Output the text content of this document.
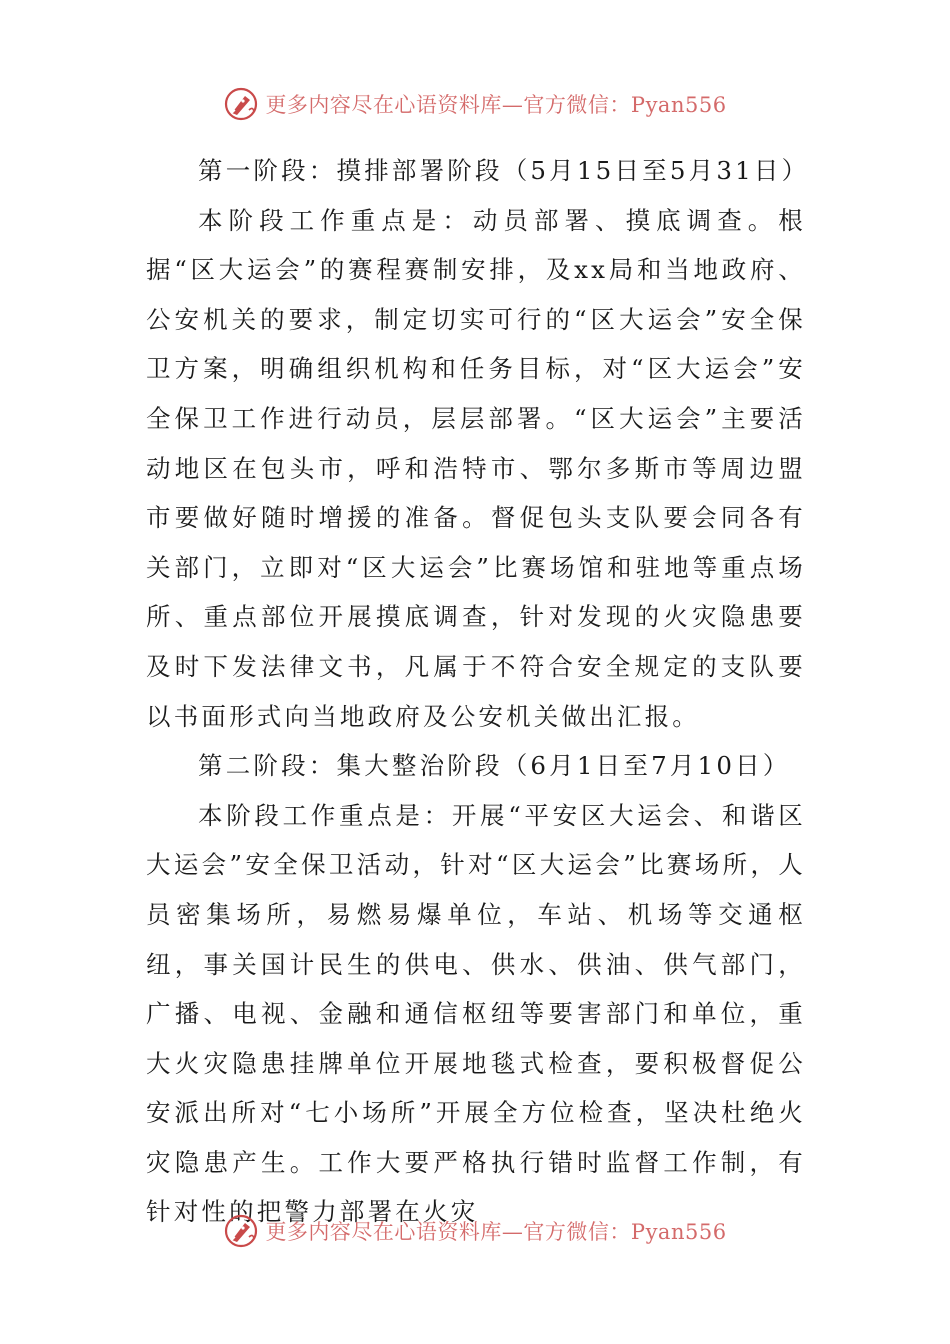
更多内容尽在心语资料库—官方微信：Pyan556

第一阶段：摸排部署阶段（5月15日至5月31日）

本阶段工作重点是：动员部署、摸底调查。根据“区大运会”的赛程赛制安排，及xx局和当地政府、公安机关的要求，制定切实可行的“区大运会”安全保卫方案，明确组织机构和任务目标，对“区大运会”安全保卫工作进行动员，层层部署。“区大运会”主要活动地区在包头市，呼和浩特市、鄂尔多斯市等周边盟市要做好随时增援的准备。督促包头支队要会同各有关部门，立即对“区大运会”比赛场馆和驻地等重点场所、重点部位开展摸底调查，针对发现的火灾隐患要及时下发法律文书，凡属于不符合安全规定的支队要以书面形式向当地政府及公安机关做出汇报。

第二阶段：集大整治阶段（6月1日至7月10日）

本阶段工作重点是：开展“平安区大运会、和谐区大运会”安全保卫活动，针对“区大运会”比赛场所，人员密集场所，易燃易爆单位，车站、机场等交通枢纽，事关国计民生的供电、供水、供油、供气部门，广播、电视、金融和通信枢纽等要害部门和单位，重大火灾隐患挂牌单位开展地毯式检查，要积极督促公安派出所对“七小场所”开展全方位检查，坚决杜绝火灾隐患产生。工作大要严格执行错时监督工作制，有针对性的把警力部署在火灾

更多内容尽在心语资料库—官方微信：Pyan556
